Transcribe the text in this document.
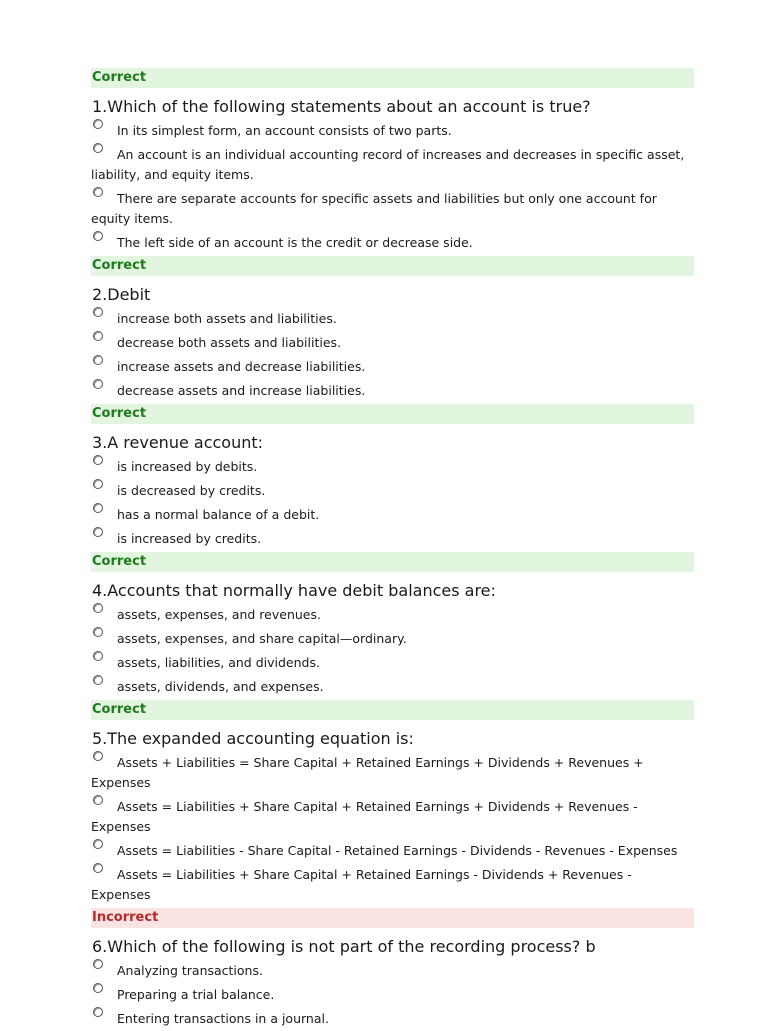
Correct
1.Which of the following statements about an account is true?
In its simplest form, an account consists of two parts.
An account is an individual accounting record of increases and decreases in specific asset, liability, and equity items.
There are separate accounts for specific assets and liabilities but only one account for equity items.
The left side of an account is the credit or decrease side.
Correct
2.Debit
increase both assets and liabilities.
decrease both assets and liabilities.
increase assets and decrease liabilities.
decrease assets and increase liabilities.
Correct
3.A revenue account:
is increased by debits.
is decreased by credits.
has a normal balance of a debit.
is increased by credits.
Correct
4.Accounts that normally have debit balances are:
assets, expenses, and revenues.
assets, expenses, and share capital—ordinary.
assets, liabilities, and dividends.
assets, dividends, and expenses.
Correct
5.The expanded accounting equation is:
Assets + Liabilities = Share Capital + Retained Earnings + Dividends + Revenues + Expenses
Assets = Liabilities + Share Capital + Retained Earnings + Dividends + Revenues - Expenses
Assets = Liabilities - Share Capital - Retained Earnings - Dividends - Revenues - Expenses
Assets = Liabilities + Share Capital + Retained Earnings - Dividends + Revenues - Expenses
Incorrect
6.Which of the following is not part of the recording process? b
Analyzing transactions.
Preparing a trial balance.
Entering transactions in a journal.
